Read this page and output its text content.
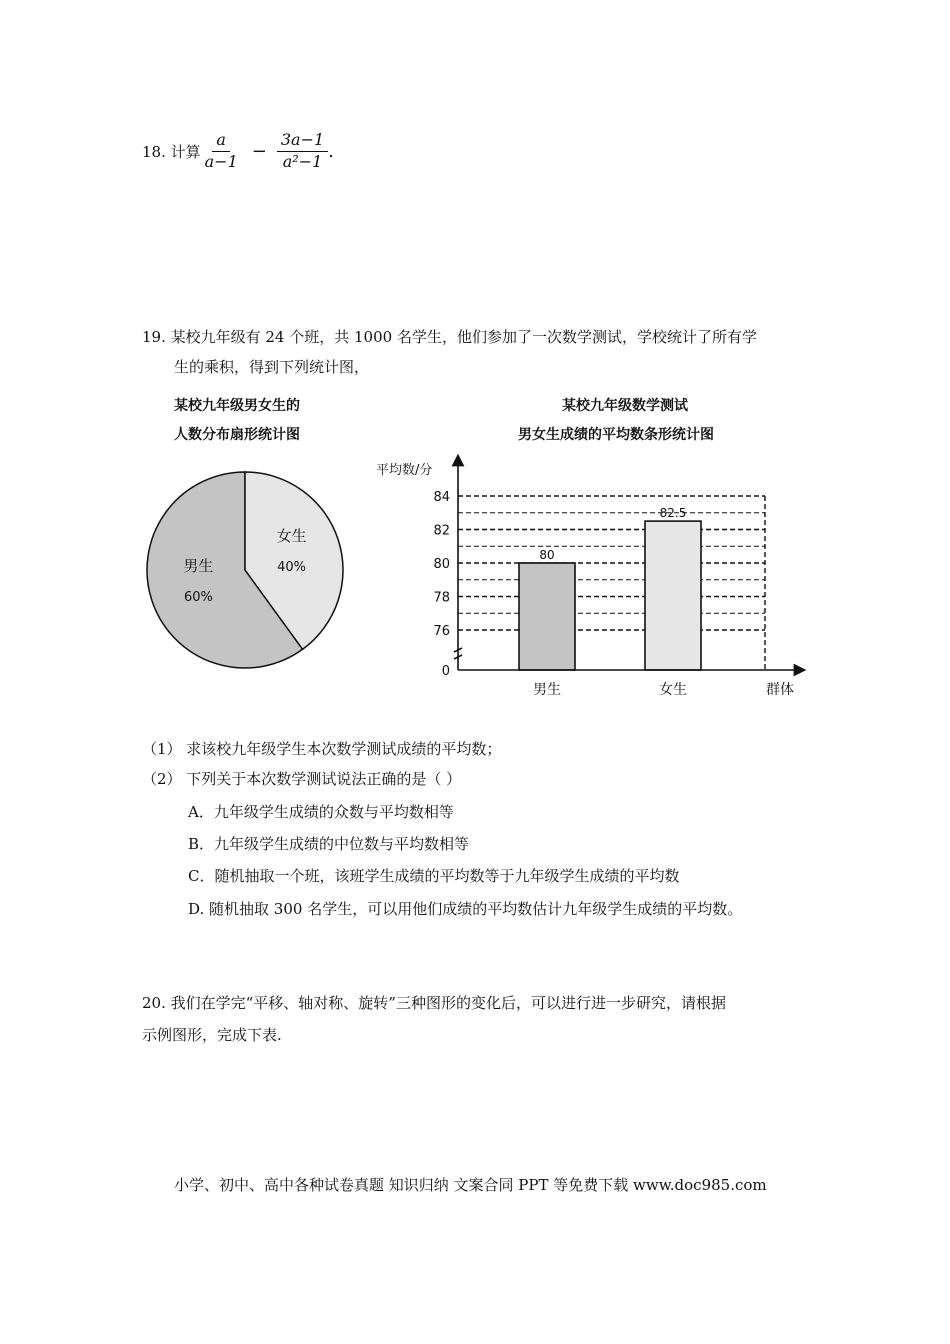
18. 计算 $\frac{a}{a-1} - \frac{3a-1}{\text{a²−1}}$ .
19. 某校九年级有 24 个班，共 1000 名学生，他们参加了一次数学测试，学校统计了所有学
生的乘积，得到下列统计图，
某校九年级男女生的
人数分布扇形统计图
某校九年级数学测试
男女生成绩的平均数条形统计图
男生
60%
女生
40%
平均数/分
0
76
78
80
82
84
80
82.5
男生	女生	群体
（1） 求该校九年级学生本次数学测试成绩的平均数；
（2） 下列关于本次数学测试说法正确的是（ ）
A．九年级学生成绩的众数与平均数相等
B．九年级学生成绩的中位数与平均数相等
C．随机抽取一个班，该班学生成绩的平均数等于九年级学生成绩的平均数
D. 随机抽取 300 名学生，可以用他们成绩的平均数估计九年级学生成绩的平均数。
20. 我们在学完“平移、轴对称、旋转”三种图形的变化后，可以进行进一步研究，请根据
示例图形，完成下表.
小学、初中、高中各种试卷真题 知识归纳 文案合同 PPT 等免费下载 www.doc985.com
